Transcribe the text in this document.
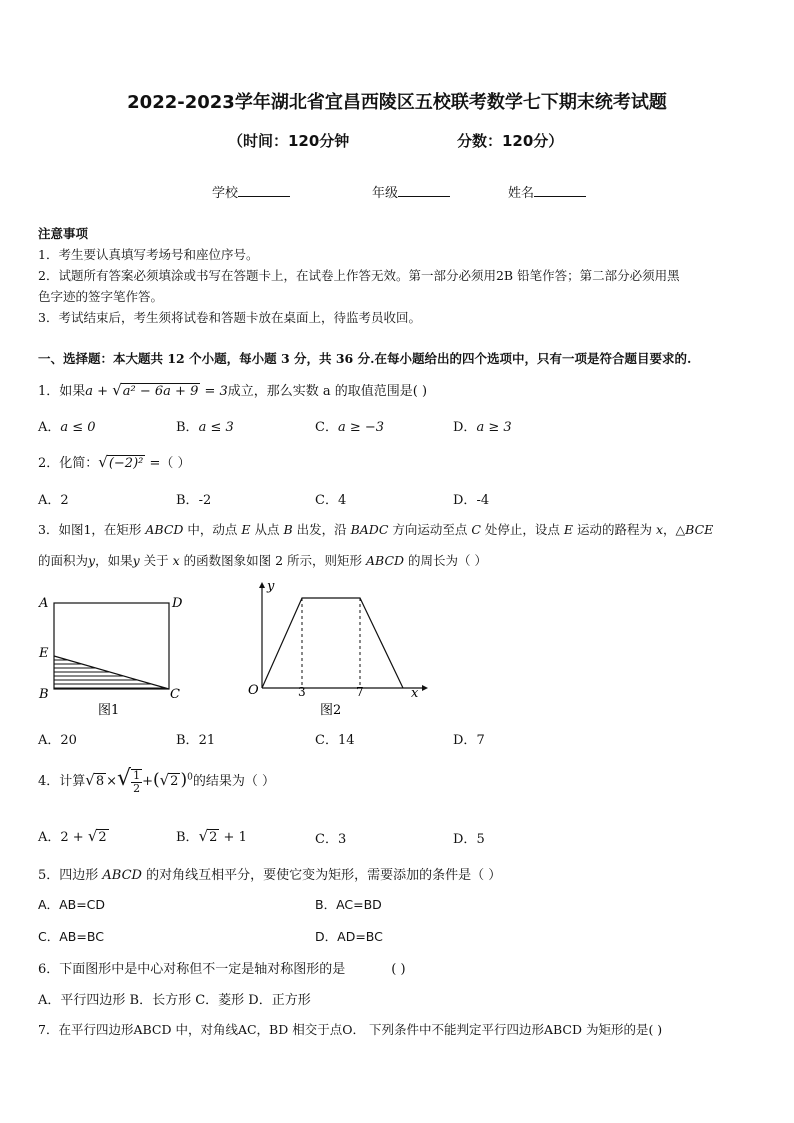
2022-2023学年湖北省宜昌西陵区五校联考数学七下期末统考试题
（时间：120分钟	分数：120分）
学校	年级	姓名
注意事项
1．考生要认真填写考场号和座位序号。
2．试题所有答案必须填涂或书写在答题卡上，在试卷上作答无效。第一部分必须用2B 铅笔作答；第二部分必须用黑
色字迹的签字笔作答。
3．考试结束后，考生须将试卷和答题卡放在桌面上，待监考员收回。
一、选择题：本大题共 12 个小题，每小题 3 分，共 36 分.在每小题给出的四个选项中，只有一项是符合题目要求的.
1．如果a + √a² − 6a + 9 = 3成立，那么实数 a 的取值范围是( )
A．a ≤ 0	B．a ≤ 3	C．a ≥ −3	D．a ≥ 3
2．化简：√(−2)² =（ ）
A．2	B．-2	C．4	D．-4
3．如图1，在矩形 ABCD 中，动点 E 从点 B 出发，沿 BADC 方向运动至点 C 处停止，设点 E 运动的路程为 x，△BCE
的面积为y，如果y 关于 x 的函数图象如图 2 所示，则矩形 ABCD 的周长为（ ）
A	D
E
B	C
图1
y
O	3	7	x
图2
A．20	B．21	C．14	D．7
4．计算√8 ×√ $\frac{1}{2} +(√2$ )$^0$的结果为（ ）
A．2 + √2	B．√2 + 1	C．3	D．5
5．四边形 ABCD 的对角线互相平分，要使它变为矩形，需要添加的条件是（ ）
A．AB=CD	B．AC=BD
C．AB=BC	D．AD=BC
6．下面图形中是中心对称但不一定是轴对称图形的是	( )
A．平行四边形 B．长方形 C．菱形 D．正方形
7．在平行四边形ABCD 中，对角线AC，BD 相交于点O． 下列条件中不能判定平行四边形ABCD 为矩形的是( )
